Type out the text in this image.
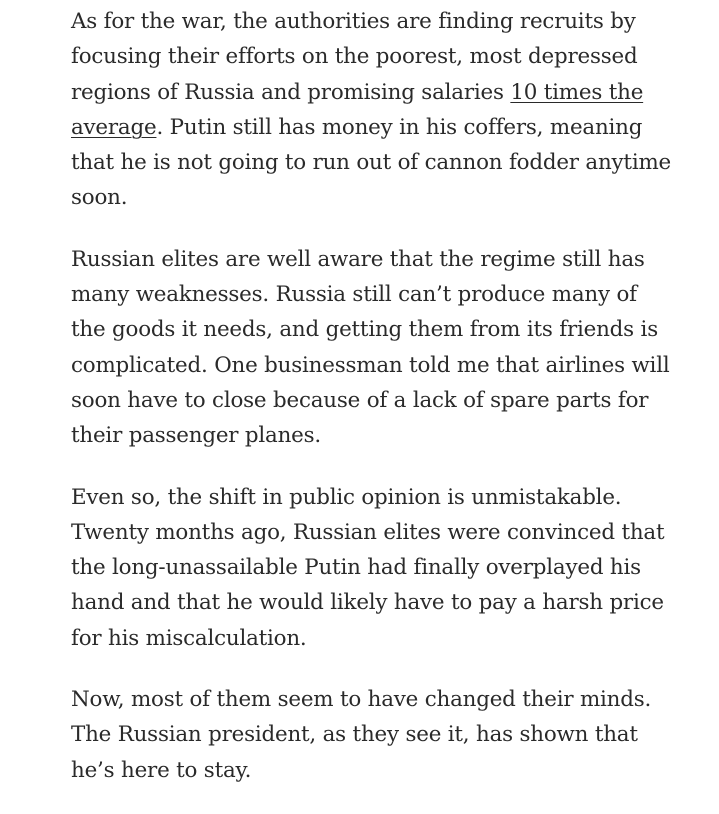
As for the war, the authorities are finding recruits by focusing their efforts on the poorest, most depressed regions of Russia and promising salaries 10 times the average. Putin still has money in his coffers, meaning that he is not going to run out of cannon fodder anytime soon.

Russian elites are well aware that the regime still has many weaknesses. Russia still can’t produce many of the goods it needs, and getting them from its friends is complicated. One businessman told me that airlines will soon have to close because of a lack of spare parts for their passenger planes.

Even so, the shift in public opinion is unmistakable. Twenty months ago, Russian elites were convinced that the long-unassailable Putin had finally overplayed his hand and that he would likely have to pay a harsh price for his miscalculation.

Now, most of them seem to have changed their minds. The Russian president, as they see it, has shown that he’s here to stay.
